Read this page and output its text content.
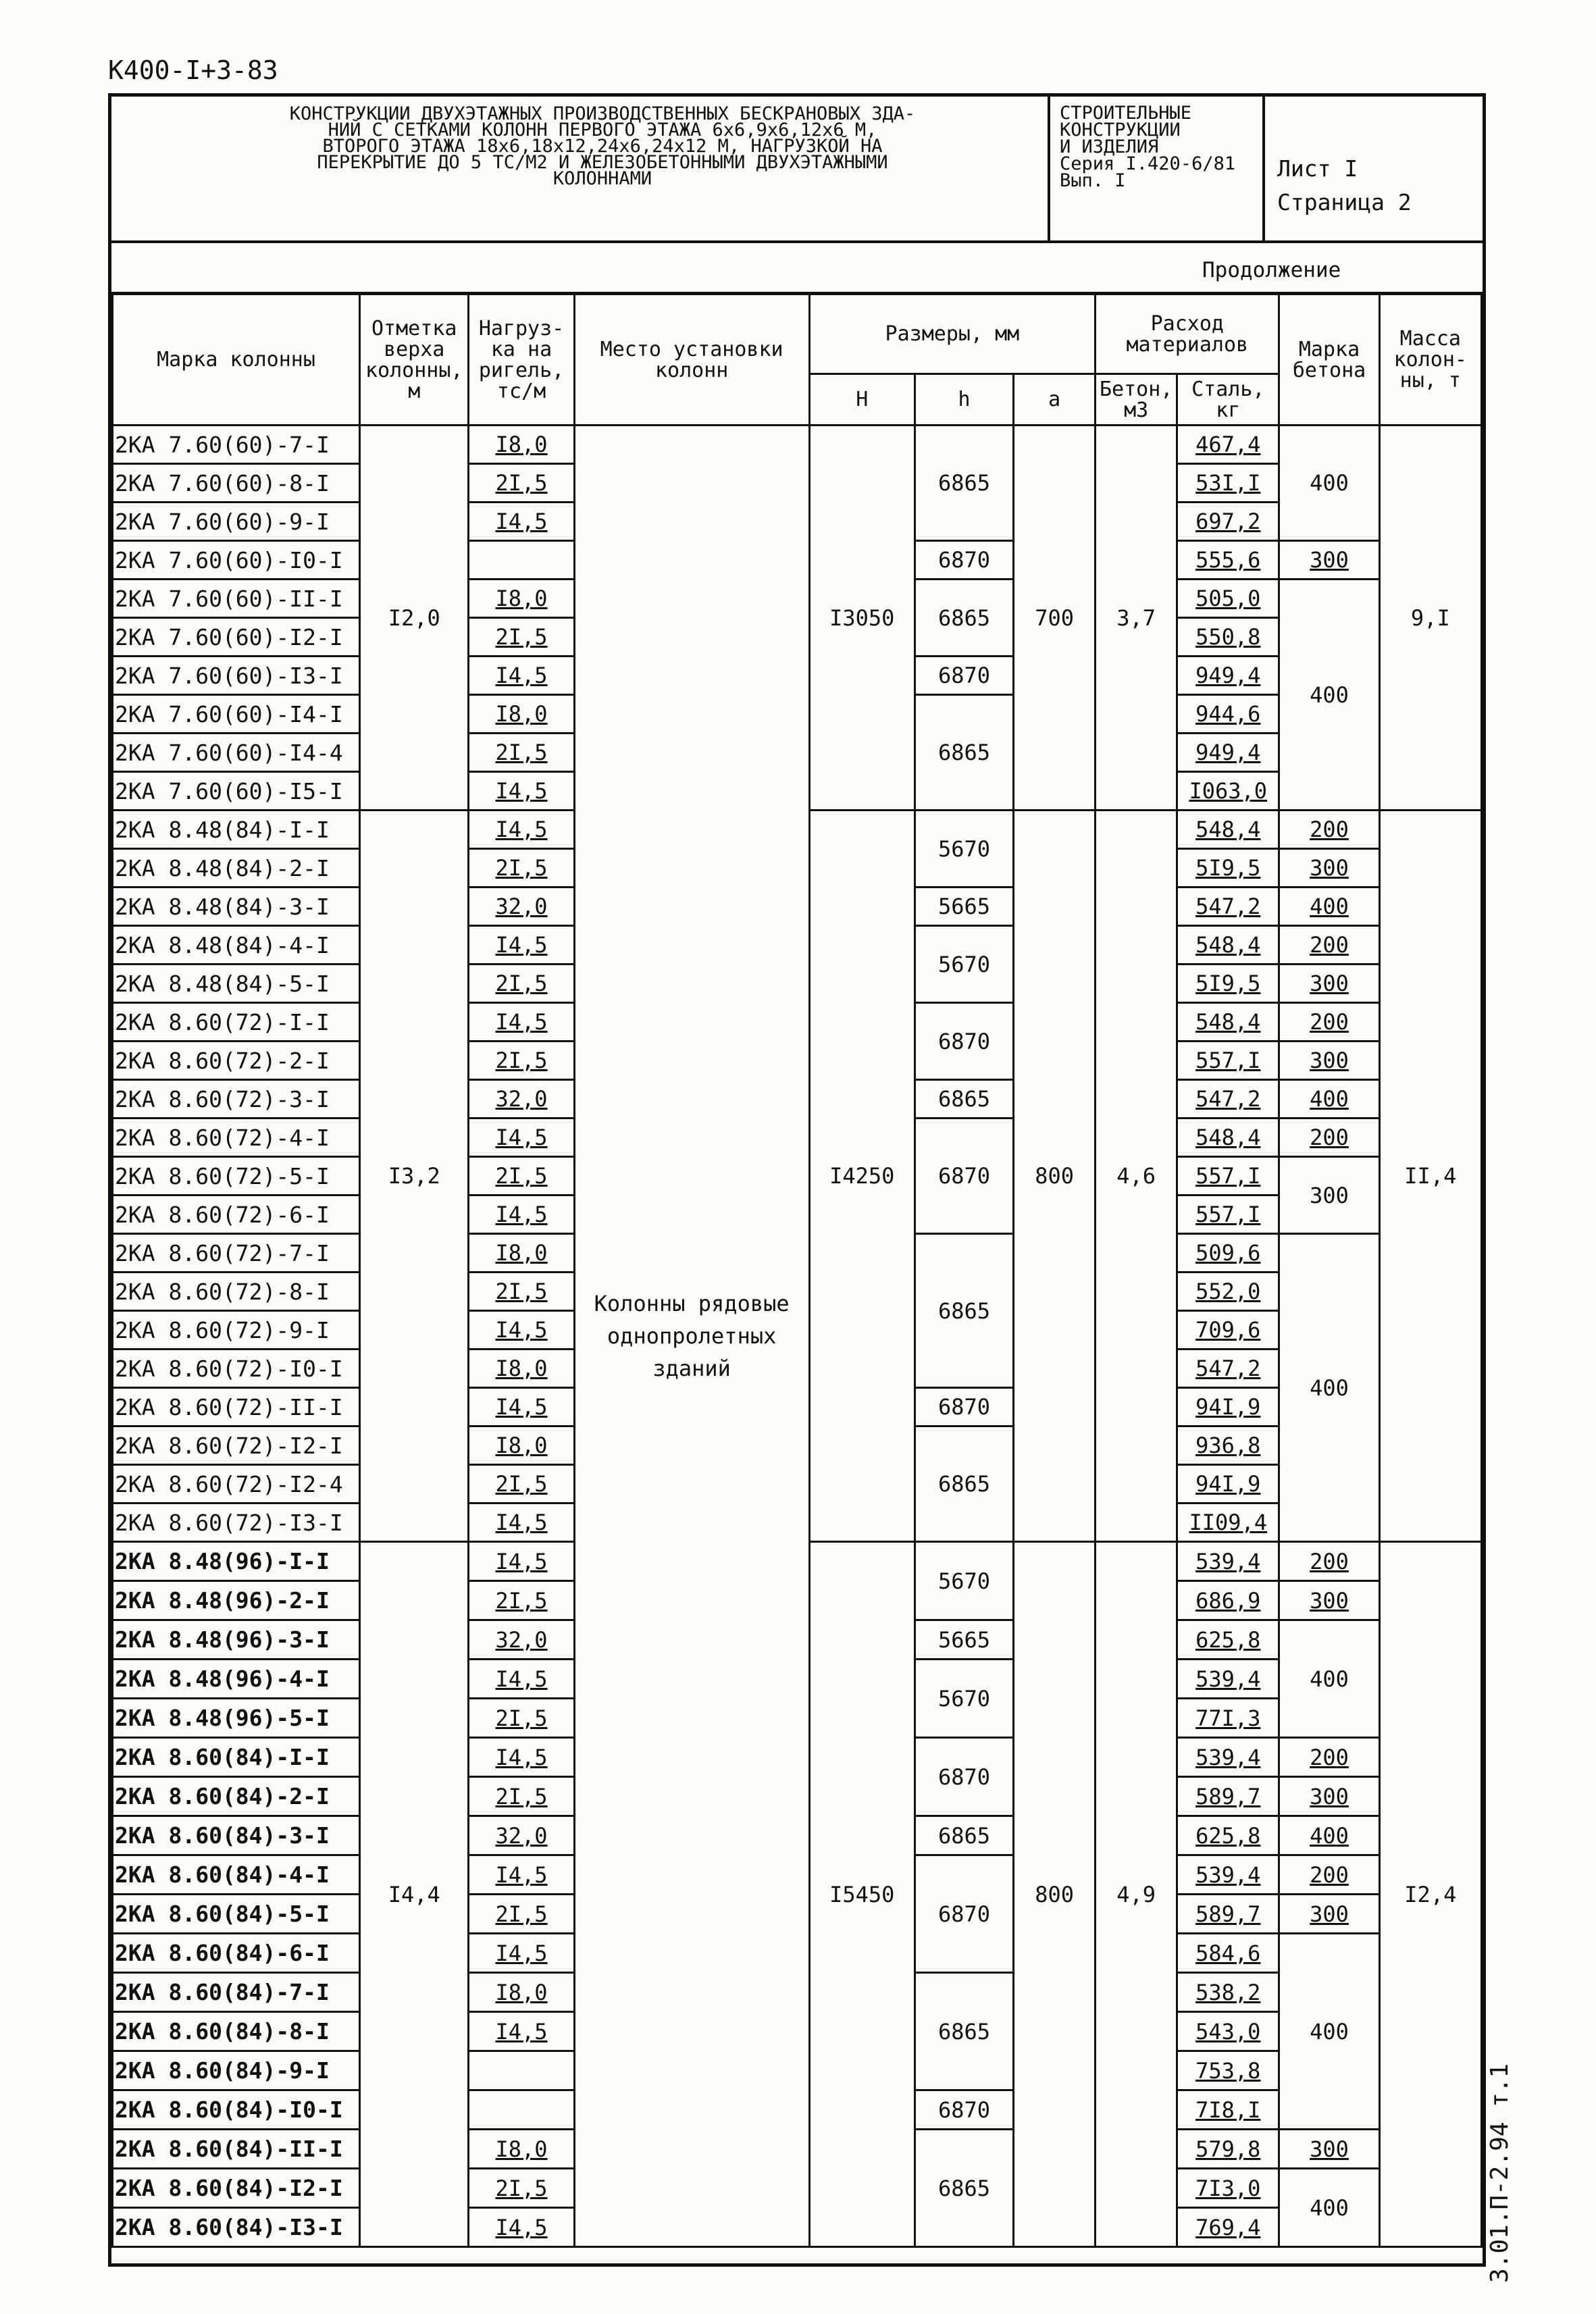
К400-I+3-83
3.01.П-2.94 т.1
КОНСТРУКЦИИ ДВУХЭТАЖНЫХ ПРОИЗВОДСТВЕННЫХ БЕСКРАНОВЫХ ЗДА-
НИЙ С СЕТКАМИ КОЛОНН ПЕРВОГО ЭТАЖА 6х6,9х6,12х6 М,
ВТОРОГО ЭТАЖА 18х6,18х12,24х6,24х12 М, НАГРУЗКОЙ НА
ПЕРЕКРЫТИЕ ДО 5 ТС/М2 И ЖЕЛЕЗОБЕТОННЫМИ ДВУХЭТАЖНЫМИ
КОЛОННАМИ
СТРОИТЕЛЬНЫЕ
КОНСТРУКЦИИ
И ИЗДЕЛИЯ
Серия I.420-6/81
Вып. I	Лист I
Страница 2
Продолжение
Марка колонны	Отметка верха колонны, м	Нагруз-ка на ригель, тс/м	Место установки колонн	Размеры, мм			Расход материалов		Марка бетона	Масса колон-ны, т
				H	h	a	Бетон, м3	Сталь, кг		
2КА 7.60(60)-7-I	I2,0	I8,0	Колонны рядовые однопролетных зданий	I3050	6865	700	3,7	467,4	400	9,I
2КА 7.60(60)-8-I		2I,5						53I,I		
2КА 7.60(60)-9-I		I4,5						697,2		
2КА 7.60(60)-I0-I					6870			555,6	300	
2КА 7.60(60)-II-I		I8,0			6865			505,0	400	
2КА 7.60(60)-I2-I		2I,5						550,8		
2КА 7.60(60)-I3-I		I4,5			6870			949,4		
2КА 7.60(60)-I4-I		I8,0			6865			944,6		
2КА 7.60(60)-I4-4		2I,5						949,4		
2КА 7.60(60)-I5-I		I4,5						I063,0		
2КА 8.48(84)-I-I	I3,2	I4,5		I4250	5670	800	4,6	548,4	200	II,4
2КА 8.48(84)-2-I		2I,5						5I9,5	300	
2КА 8.48(84)-3-I		32,0			5665			547,2	400	
2КА 8.48(84)-4-I		I4,5			5670			548,4	200	
2КА 8.48(84)-5-I		2I,5						5I9,5	300	
2КА 8.60(72)-I-I		I4,5			6870			548,4	200	
2КА 8.60(72)-2-I		2I,5						557,I	300	
2КА 8.60(72)-3-I		32,0			6865			547,2	400	
2КА 8.60(72)-4-I		I4,5			6870			548,4	200	
2КА 8.60(72)-5-I		2I,5						557,I	300	
2КА 8.60(72)-6-I		I4,5						557,I		
2КА 8.60(72)-7-I		I8,0			6865			509,6	400	
2КА 8.60(72)-8-I		2I,5						552,0		
2КА 8.60(72)-9-I		I4,5						709,6		
2КА 8.60(72)-I0-I		I8,0						547,2		
2КА 8.60(72)-II-I		I4,5			6870			94I,9		
2КА 8.60(72)-I2-I		I8,0			6865			936,8		
2КА 8.60(72)-I2-4		2I,5						94I,9		
2КА 8.60(72)-I3-I		I4,5						II09,4		
2КА 8.48(96)-I-I	I4,4	I4,5		I5450	5670	800	4,9	539,4	200	I2,4
2КА 8.48(96)-2-I		2I,5						686,9	300	
2КА 8.48(96)-3-I		32,0			5665			625,8	400	
2КА 8.48(96)-4-I		I4,5			5670			539,4		
2КА 8.48(96)-5-I		2I,5						77I,3		
2КА 8.60(84)-I-I		I4,5			6870			539,4	200	
2КА 8.60(84)-2-I		2I,5						589,7	300	
2КА 8.60(84)-3-I		32,0			6865			625,8	400	
2КА 8.60(84)-4-I		I4,5			6870			539,4	200	
2КА 8.60(84)-5-I		2I,5						589,7	300	
2КА 8.60(84)-6-I		I4,5						584,6	400	
2КА 8.60(84)-7-I		I8,0			6865			538,2		
2КА 8.60(84)-8-I		I4,5						543,0		
2КА 8.60(84)-9-I								753,8		
2КА 8.60(84)-I0-I					6870			7I8,I		
2КА 8.60(84)-II-I		I8,0			6865			579,8	300	
2КА 8.60(84)-I2-I		2I,5						7I3,0	400	
2КА 8.60(84)-I3-I		I4,5						769,4		
